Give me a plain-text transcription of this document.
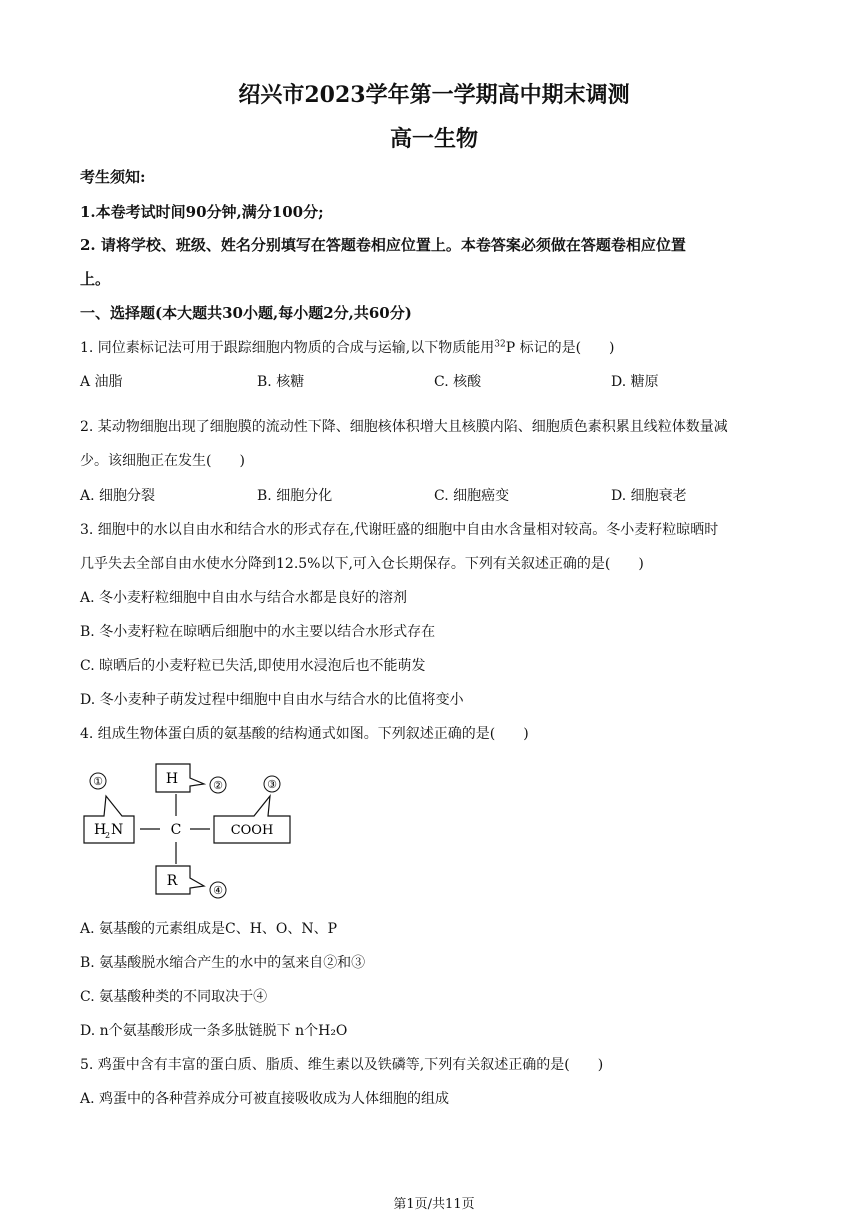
绍兴市2023学年第一学期高中期末调测
高一生物
考生须知:
1.本卷考试时间90分钟,满分100分;
2. 请将学校、班级、姓名分别填写在答题卷相应位置上。本卷答案必须做在答题卷相应位置
上。
一、选择题(本大题共30小题,每小题2分,共60分)
1. 同位素标记法可用于跟踪细胞内物质的合成与运输,以下物质能用$^{32}$P 标记的是(　　)
A 油脂	B. 核糖	C. 核酸	D. 糖原
2. 某动物细胞出现了细胞膜的流动性下降、细胞核体积增大且核膜内陷、细胞质色素积累且线粒体数量减
少。该细胞正在发生(　　)
A. 细胞分裂	B. 细胞分化	C. 细胞癌变	D. 细胞衰老
3. 细胞中的水以自由水和结合水的形式存在,代谢旺盛的细胞中自由水含量相对较高。冬小麦籽粒晾晒时
几乎失去全部自由水使水分降到12.5%以下,可入仓长期保存。下列有关叙述正确的是(　　)
A. 冬小麦籽粒细胞中自由水与结合水都是良好的溶剂
B. 冬小麦籽粒在晾晒后细胞中的水主要以结合水形式存在
C. 晾晒后的小麦籽粒已失活,即使用水浸泡后也不能萌发
D. 冬小麦种子萌发过程中细胞中自由水与结合水的比值将变小
4. 组成生物体蛋白质的氨基酸的结构通式如图。下列叙述正确的是(　　)
①
H
2 N	C
H	②	③
COOH
R
④
A. 氨基酸的元素组成是C、H、O、N、P
B. 氨基酸脱水缩合产生的水中的氢来自②和③
C. 氨基酸种类的不同取决于④
D. n个氨基酸形成一条多肽链脱下 n个H₂O
5. 鸡蛋中含有丰富的蛋白质、脂质、维生素以及铁磷等,下列有关叙述正确的是(　　)
A. 鸡蛋中的各种营养成分可被直接吸收成为人体细胞的组成
第1页/共11页
